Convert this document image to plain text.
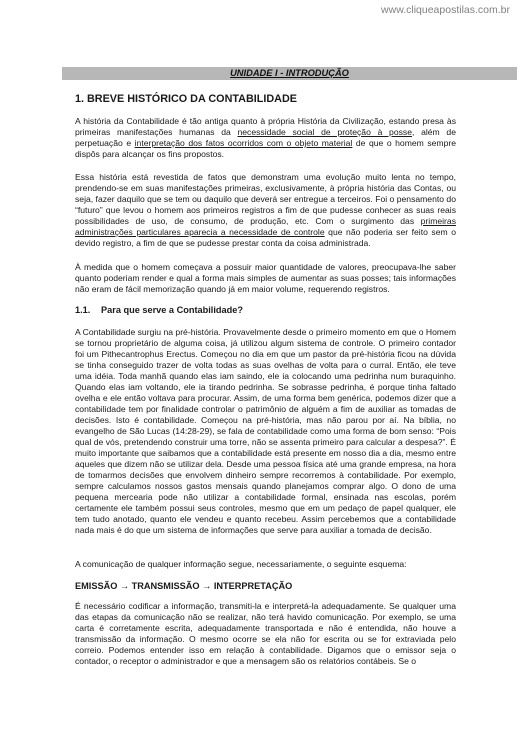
www.cliqueapostilas.com.br
UNIDADE I - INTRODUÇÃO
1. BREVE HISTÓRICO DA CONTABILIDADE
A história da Contabilidade é tão antiga quanto à própria História da Civilização, estando presa às primeiras manifestações humanas da necessidade social de proteção à posse, além de perpetuação e interpretação dos fatos ocorridos com o objeto material de que o homem sempre dispôs para alcançar os fins propostos.
Essa história está revestida de fatos que demonstram uma evolução muito lenta no tempo, prendendo-se em suas manifestações primeiras, exclusivamente, à própria história das Contas, ou seja, fazer daquilo que se tem ou daquilo que deverá ser entregue a terceiros. Foi o pensamento do “futuro” que levou o homem aos primeiros registros a fim de que pudesse conhecer as suas reais possibilidades de uso, de consumo, de produção, etc. Com o surgimento das primeiras administrações particulares aparecia a necessidade de controle que não poderia ser feito sem o devido registro, a fim de que se pudesse prestar conta da coisa administrada.
À medida que o homem começava a possuir maior quantidade de valores, preocupava-lhe saber quanto poderiam render e qual a forma mais simples de aumentar as suas posses; tais informações não eram de fácil memorização quando já em maior volume, requerendo registros.
1.1. Para que serve a Contabilidade?
A Contabilidade surgiu na pré-história. Provavelmente desde o primeiro momento em que o Homem se tornou proprietário de alguma coisa, já utilizou algum sistema de controle. O primeiro contador foi um Pithecantrophus Erectus. Começou no dia em que um pastor da pré-história ficou na dúvida se tinha conseguido trazer de volta todas as suas ovelhas de volta para o curral. Então, ele teve uma idéia. Toda manhã quando elas iam saindo, ele ia colocando uma pedrinha num buraquinho. Quando elas iam voltando, ele ia tirando pedrinha. Se sobrasse pedrinha, é porque tinha faltado ovelha e ele então voltava para procurar. Assim, de uma forma bem genérica, podemos dizer que a contabilidade tem por finalidade controlar o patrimônio de alguém a fim de auxiliar as tomadas de decisões. Isto é contabilidade. Começou na pré-história, mas não parou por aí. Na bíblia, no evangelho de São Lucas (14:28-29), se fala de contabilidade como uma forma de bom senso: “Pois qual de vós, pretendendo construir uma torre, não se assenta primeiro para calcular a despesa?”. É muito importante que saibamos que a contabilidade está presente em nosso dia a dia, mesmo entre aqueles que dizem não se utilizar dela. Desde uma pessoa física até uma grande empresa, na hora de tomarmos decisões que envolvem dinheiro sempre recorremos à contabilidade. Por exemplo, sempre calculamos nossos gastos mensais quando planejamos comprar algo. O dono de uma pequena mercearia pode não utilizar a contabilidade formal, ensinada nas escolas, porém certamente ele também possui seus controles, mesmo que em um pedaço de papel qualquer, ele tem tudo anotado, quanto ele vendeu e quanto recebeu. Assim percebemos que a contabilidade nada mais é do que um sistema de informações que serve para auxiliar a tomada de decisão.
A comunicação de qualquer informação segue, necessariamente, o seguinte esquema:
EMISSÃO → TRANSMISSÃO → INTERPRETAÇÃO
É necessário codificar a informação, transmiti-la e interpretá-la adequadamente. Se qualquer uma das etapas da comunicação não se realizar, não terá havido comunicação. Por exemplo, se uma carta é corretamente escrita, adequadamente transportada e não é entendida, não houve a transmissão da informação. O mesmo ocorre se ela não for escrita ou se for extraviada pelo correio. Podemos entender isso em relação à contabilidade. Digamos que o emissor seja o contador, o receptor o administrador e que a mensagem são os relatórios contábeis. Se o
